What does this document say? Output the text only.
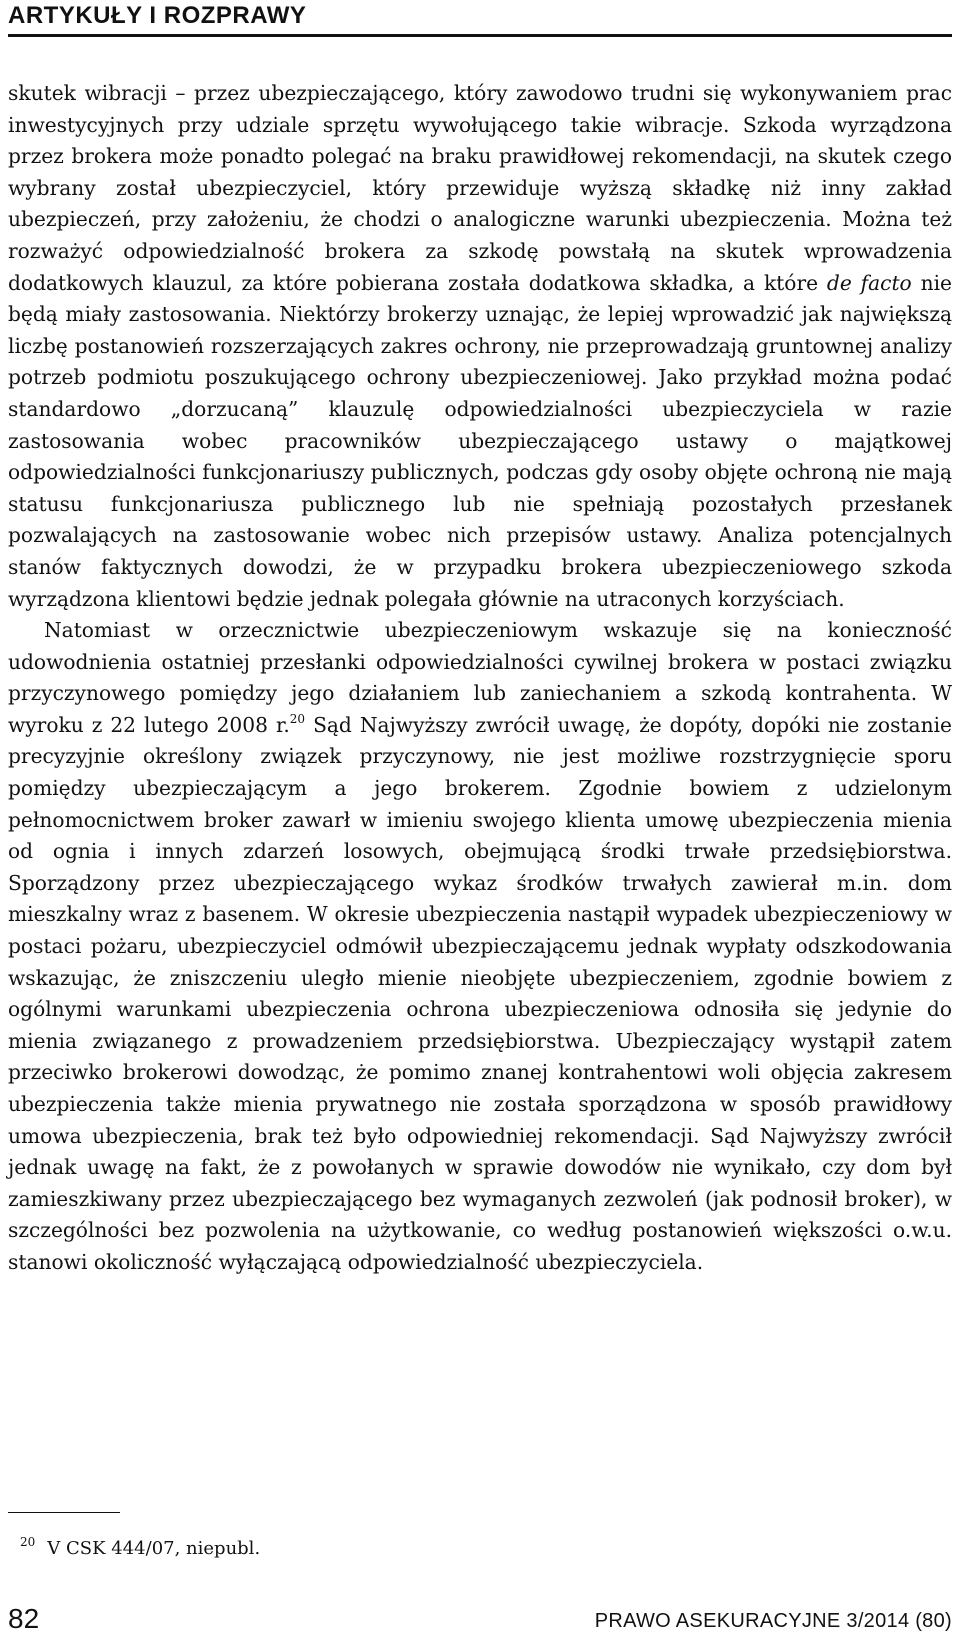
ARTYKUŁY I ROZPRAWY

skutek wibracji – przez ubezpieczającego, który zawodowo trudni się wykonywaniem prac inwestycyjnych przy udziale sprzętu wywołującego takie wibracje. Szkoda wyrządzona przez brokera może ponadto polegać na braku prawidłowej rekomendacji, na skutek czego wybrany został ubezpieczyciel, który przewiduje wyższą składkę niż inny zakład ubezpieczeń, przy założeniu, że chodzi o analogiczne warunki ubezpieczenia. Można też rozważyć odpowiedzialność brokera za szkodę powstałą na skutek wprowadzenia dodatkowych klauzul, za które pobierana została dodatkowa składka, a które de facto nie będą miały zastosowania. Niektórzy brokerzy uznając, że lepiej wprowadzić jak największą liczbę postanowień rozszerzających zakres ochrony, nie przeprowadzają gruntownej analizy potrzeb podmiotu poszukującego ochrony ubezpieczeniowej. Jako przykład można podać standardowo „dorzucaną” klauzulę odpowiedzialności ubezpieczyciela w razie zastosowania wobec pracowników ubezpieczającego ustawy o majątkowej odpowiedzialności funkcjonariuszy publicznych, podczas gdy osoby objęte ochroną nie mają statusu funkcjonariusza publicznego lub nie spełniają pozostałych przesłanek pozwalających na zastosowanie wobec nich przepisów ustawy. Analiza potencjalnych stanów faktycznych dowodzi, że w przypadku brokera ubezpieczeniowego szkoda wyrządzona klientowi będzie jednak polegała głównie na utraconych korzyściach.

Natomiast w orzecznictwie ubezpieczeniowym wskazuje się na konieczność udowodnienia ostatniej przesłanki odpowiedzialności cywilnej brokera w postaci związku przyczynowego pomiędzy jego działaniem lub zaniechaniem a szkodą kontrahenta. W wyroku z 22 lutego 2008 r.$^{20}$ Sąd Najwyższy zwrócił uwagę, że dopóty, dopóki nie zostanie precyzyjnie określony związek przyczynowy, nie jest możliwe rozstrzygnięcie sporu pomiędzy ubezpieczającym a jego brokerem. Zgodnie bowiem z udzielonym pełnomocnictwem broker zawarł w imieniu swojego klienta umowę ubezpieczenia mienia od ognia i innych zdarzeń losowych, obejmującą środki trwałe przedsiębiorstwa. Sporządzony przez ubezpieczającego wykaz środków trwałych zawierał m.in. dom mieszkalny wraz z basenem. W okresie ubezpieczenia nastąpił wypadek ubezpieczeniowy w postaci pożaru, ubezpieczyciel odmówił ubezpieczającemu jednak wypłaty odszkodowania wskazując, że zniszczeniu uległo mienie nieobjęte ubezpieczeniem, zgodnie bowiem z ogólnymi warunkami ubezpieczenia ochrona ubezpieczeniowa odnosiła się jedynie do mienia związanego z prowadzeniem przedsiębiorstwa. Ubezpieczający wystąpił zatem przeciwko brokerowi dowodząc, że pomimo znanej kontrahentowi woli objęcia zakresem ubezpieczenia także mienia prywatnego nie została sporządzona w sposób prawidłowy umowa ubezpieczenia, brak też było odpowiedniej rekomendacji. Sąd Najwyższy zwrócił jednak uwagę na fakt, że z powołanych w sprawie dowodów nie wynikało, czy dom był zamieszkiwany przez ubezpieczającego bez wymaganych zezwoleń (jak podnosił broker), w szczególności bez pozwolenia na użytkowanie, co według postanowień większości o.w.u. stanowi okoliczność wyłączającą odpowiedzialność ubezpieczyciela.

$^{20}$ V CSK 444/07, niepubl.
82	PRAWO ASEKURACYJNE 3/2014 (80)
